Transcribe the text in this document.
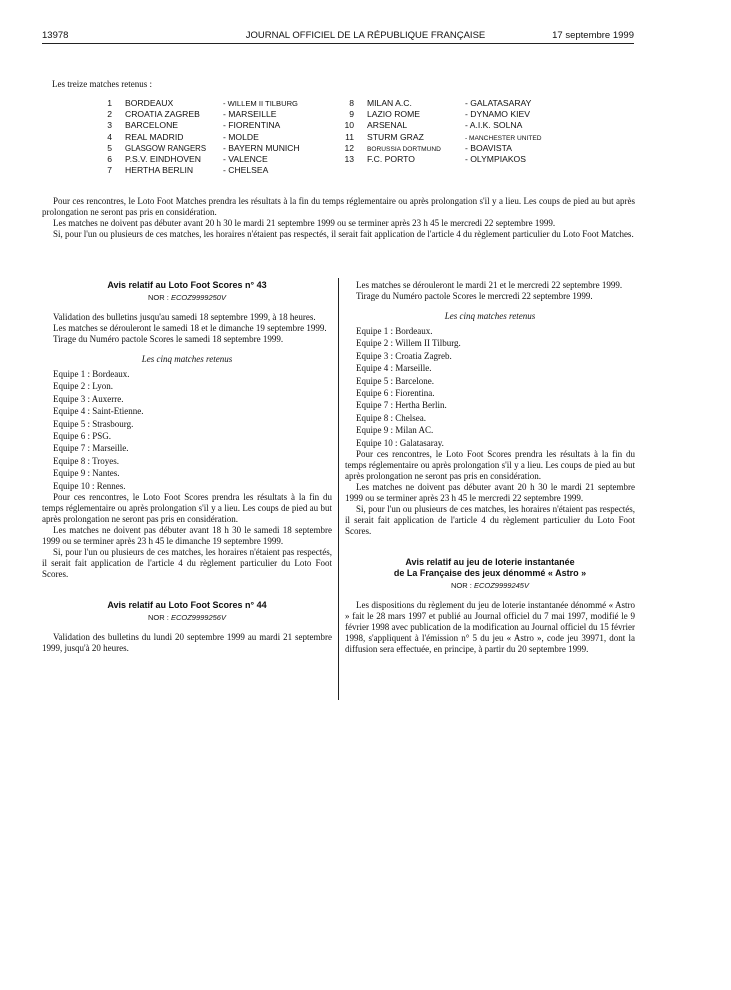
13978	JOURNAL OFFICIEL DE LA RÉPUBLIQUE FRANÇAISE	17 septembre 1999
Les treize matches retenus :
1 BORDEAUX	- WILLEM II TILBURG
2 CROATIA ZAGREB	- MARSEILLE
3 BARCELONE	- FIORENTINA
4 REAL MADRID	- MOLDE
5 GLASGOW RANGERS - BAYERN MUNICH
6 P.S.V. EINDHOVEN	- VALENCE
7 HERTHA BERLIN	- CHELSEA
8 MILAN A.C.	- GALATASARAY
9 LAZIO ROME	- DYNAMO KIEV
10 ARSENAL	- A.I.K. SOLNA
11 STURM GRAZ	- MANCHESTER UNITED
12 BORUSSIA DORTMUND	- BOAVISTA
13 F.C. PORTO	- OLYMPIAKOS

Pour ces rencontres, le Loto Foot Matches prendra les résultats à la fin du temps réglementaire ou après prolongation s'il y a lieu. Les coups de pied au but après prolongation ne seront pas pris en considération.

Les matches ne doivent pas débuter avant 20 h 30 le mardi 21 septembre 1999 ou se terminer après 23 h 45 le mercredi 22 septembre 1999.

Si, pour l'un ou plusieurs de ces matches, les horaires n'étaient pas respectés, il serait fait application de l'article 4 du règlement particulier du Loto Foot Matches.

Avis relatif au Loto Foot Scores n° 43

NOR : ECOZ9999250V

Validation des bulletins jusqu'au samedi 18 septembre 1999, à 18 heures.

Les matches se dérouleront le samedi 18 et le dimanche 19 septembre 1999.

Tirage du Numéro pactole Scores le samedi 18 septembre 1999.

Les cinq matches retenus

Equipe 1 : Bordeaux.

Equipe 2 : Lyon.

Equipe 3 : Auxerre.

Equipe 4 : Saint-Etienne.

Equipe 5 : Strasbourg.

Equipe 6 : PSG.

Equipe 7 : Marseille.

Equipe 8 : Troyes.

Equipe 9 : Nantes.

Equipe 10 : Rennes.

Pour ces rencontres, le Loto Foot Scores prendra les résultats à la fin du temps réglementaire ou après prolongation s'il y a lieu. Les coups de pied au but après prolongation ne seront pas pris en considération.

Les matches ne doivent pas débuter avant 18 h 30 le samedi 18 septembre 1999 ou se terminer après 23 h 45 le dimanche 19 septembre 1999.

Si, pour l'un ou plusieurs de ces matches, les horaires n'étaient pas respectés, il serait fait application de l'article 4 du règlement particulier du Loto Foot Scores.

Avis relatif au Loto Foot Scores n° 44

NOR : ECOZ9999256V

Validation des bulletins du lundi 20 septembre 1999 au mardi 21 septembre 1999, jusqu'à 20 heures.

Les matches se dérouleront le mardi 21 et le mercredi 22 septembre 1999.

Tirage du Numéro pactole Scores le mercredi 22 septembre 1999.

Les cinq matches retenus

Equipe 1 : Bordeaux.

Equipe 2 : Willem II Tilburg.

Equipe 3 : Croatia Zagreb.

Equipe 4 : Marseille.

Equipe 5 : Barcelone.

Equipe 6 : Fiorentina.

Equipe 7 : Hertha Berlin.

Equipe 8 : Chelsea.

Equipe 9 : Milan AC.

Equipe 10 : Galatasaray.

Pour ces rencontres, le Loto Foot Scores prendra les résultats à la fin du temps réglementaire ou après prolongation s'il y a lieu. Les coups de pied au but après prolongation ne seront pas pris en considération.

Les matches ne doivent pas débuter avant 20 h 30 le mardi 21 septembre 1999 ou se terminer après 23 h 45 le mercredi 22 septembre 1999.

Si, pour l'un ou plusieurs de ces matches, les horaires n'étaient pas respectés, il serait fait application de l'article 4 du règlement particulier du Loto Foot Scores.

Avis relatif au jeu de loterie instantanée

de La Française des jeux dénommé « Astro »

NOR : ECOZ9999245V

Les dispositions du règlement du jeu de loterie instantanée dénommé « Astro » fait le 28 mars 1997 et publié au Journal officiel du 7 mai 1997, modifié le 9 février 1998 avec publication de la modification au Journal officiel du 15 février 1998, s'appliquent à l'émission n° 5 du jeu « Astro », code jeu 39971, dont la diffusion sera effectuée, en principe, à partir du 20 septembre 1999.
